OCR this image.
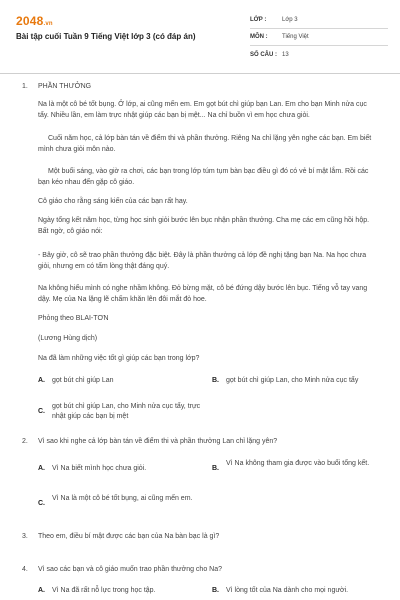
2048.vn
Bài tập cuối Tuần 9 Tiếng Việt lớp 3 (có đáp án)
LỚP :	Lớp 3
MÔN :	Tiếng Việt
SỐ CÂU : 13
1.	PHẦN THƯỞNG
Na là một cô bé tốt bụng. Ở lớp, ai cũng mến em. Em gọt bút chì giúp bạn Lan. Em cho bạn Minh nửa cục tẩy. Nhiều lần, em làm trực nhật giúp các bạn bị mệt... Na chỉ buồn vì em học chưa giỏi.
Cuối năm học, cả lớp bàn tán về điểm thi và phần thưởng. Riêng Na chỉ lặng yên nghe các bạn. Em biết mình chưa giỏi môn nào.
Một buổi sáng, vào giờ ra chơi, các bạn trong lớp túm tụm bàn bạc điều gì đó có vẻ bí mật lắm. Rồi các bạn kéo nhau đến gặp cô giáo.
Cô giáo cho rằng sáng kiến của các bạn rất hay.
Ngày tổng kết năm học, từng học sinh giỏi bước lên bục nhận phần thưởng. Cha mẹ các em cũng hồi hộp. Bất ngờ, cô giáo nói:
- Bây giờ, cô sẽ trao phần thưởng đặc biệt. Đây là phần thưởng cả lớp đề nghị tặng bạn Na. Na học chưa giỏi, nhưng em có tấm lòng thật đáng quý.
Na không hiểu mình có nghe nhầm không. Đỏ bừng mặt, cô bé đứng dậy bước lên bục. Tiếng vỗ tay vang dậy. Mẹ của Na lặng lẽ chấm khăn lên đôi mắt đỏ hoe.
Phỏng theo BLAI-TƠN
(Lương Hùng dịch)
Na đã làm những việc tốt gì giúp các bạn trong lớp?
A. gọt bút chì giúp Lan	B. gọt bút chì giúp Lan, cho Minh nửa cục tẩy
C.
gọt bút chì giúp Lan, cho Minh nửa cục tẩy, trực nhật giúp các bạn bị mệt
2.	Vì sao khi nghe cả lớp bàn tán về điểm thi và phần thưởng Lan chỉ lặng yên?
A. Vì Na biết mình học chưa giỏi.	B.
Vì Na không tham gia được vào buổi tổng kết.
C.
Vì Na là một cô bé tốt bụng, ai cũng mến em.
3.	Theo em, điều bí mật được các bạn của Na bàn bạc là gì?
4.	Vì sao các bạn và cô giáo muốn trao phần thưởng cho Na?
A. Vì Na đã rất nỗ lực trong học tập.	B. Vì lòng tốt của Na dành cho mọi người.
